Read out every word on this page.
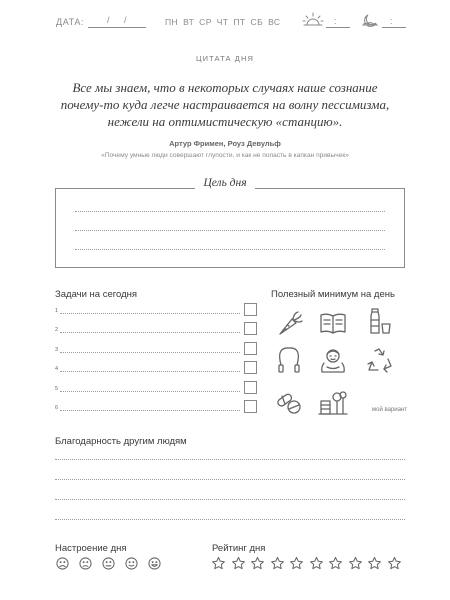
ДАТА:	/ /	ПН ВТ СР ЧТ ПТ СБ ВС	:	:
ЦИТАТА ДНЯ
Все мы знаем, что в некоторых случаях наше сознание
почему-то куда легче настраивается на волну пессимизма,
нежели на оптимистическую «станцию».
Артур Фримен, Роуз Девульф
«Почему умные люди совершают глупости, и как не попасть в капкан привычек»
Цель дня
Задачи на сегодня
1
2
3
4
5
6
Полезный минимум на день
мой вариант
Благодарность другим людям
Настроение дня	Рейтинг дня
